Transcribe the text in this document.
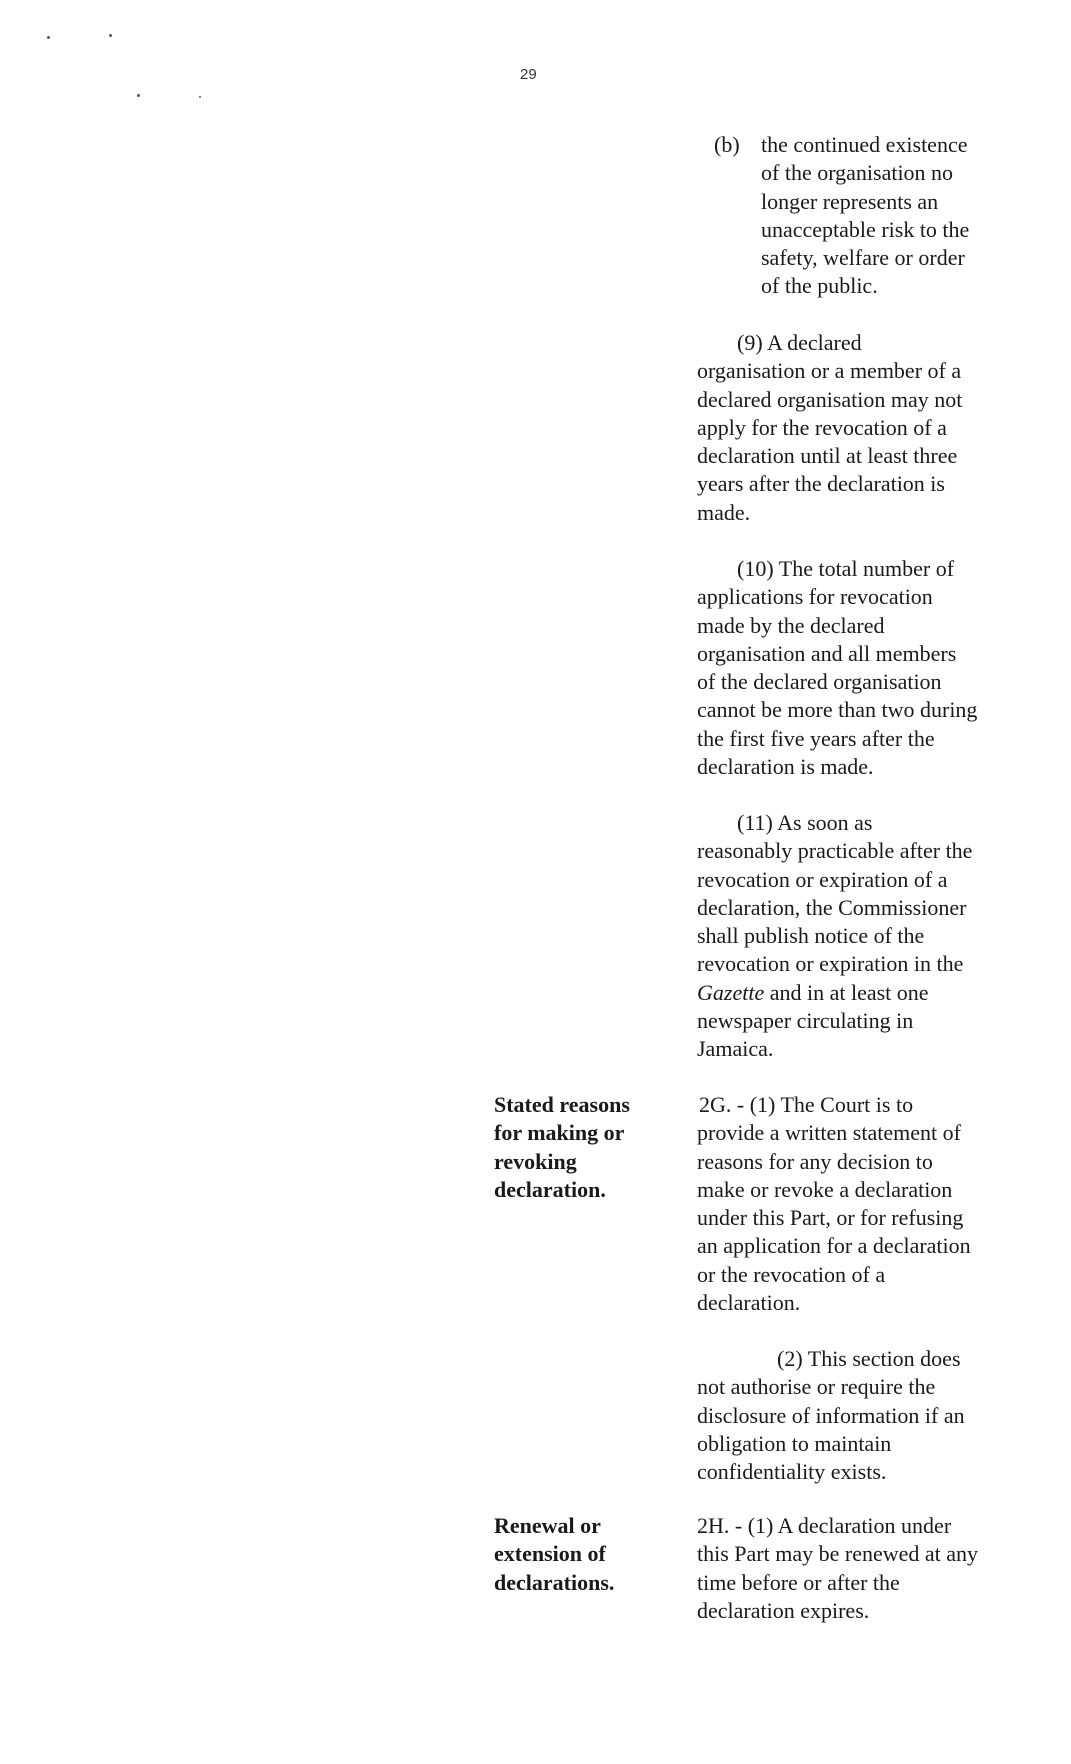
29
(b) the continued existence
of the organisation no
longer represents an
unacceptable risk to the
safety, welfare or order
of the public.

(9) A declared
organisation or a member of a
declared organisation may not
apply for the revocation of a
declaration until at least three
years after the declaration is
made.

(10) The total number of
applications for revocation
made by the declared
organisation and all members
of the declared organisation
cannot be more than two during
the first five years after the
declaration is made.

(11) As soon as
reasonably practicable after the
revocation or expiration of a
declaration, the Commissioner
shall publish notice of the
revocation or expiration in the
Gazette and in at least one
newspaper circulating in
Jamaica.

Stated reasons
for making or
revoking
declaration.

2G. - (1) The Court is to
provide a written statement of
reasons for any decision to
make or revoke a declaration
under this Part, or for refusing
an application for a declaration
or the revocation of a
declaration.

(2) This section does
not authorise or require the
disclosure of information if an
obligation to maintain
confidentiality exists.

Renewal or
extension of
declarations.

2H. - (1) A declaration under
this Part may be renewed at any
time before or after the
declaration expires.
